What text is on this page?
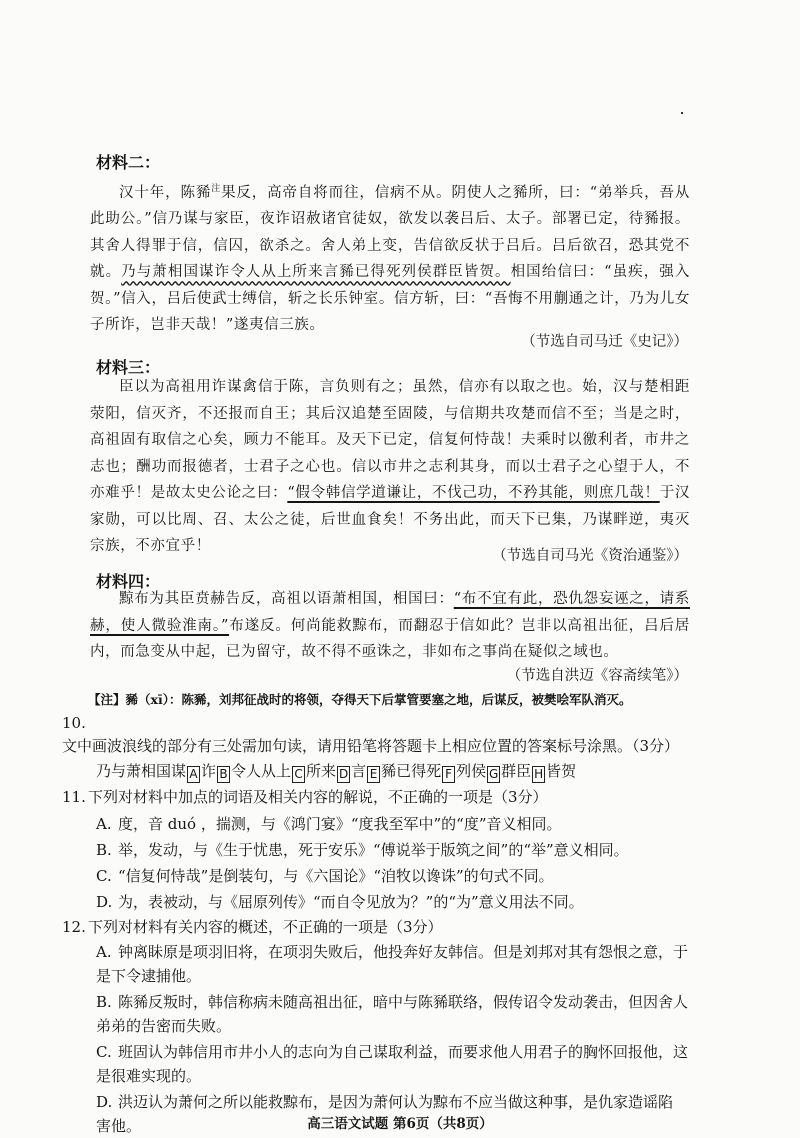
材料二：

汉十年，陈豨$^注$果反，高帝自将而往，信病不从。阴使人之豨所，曰：“弟举兵，吾从此助公。”信乃谋与家臣，夜诈诏赦诸官徒奴，欲发以袭吕后、太子。部署已定，待豨报。其舍人得罪于信，信囚，欲杀之。舍人弟上变，告信欲反状于吕后。吕后欲召，恐其党不就。乃与萧相国谋诈令人从上所来言豨已得死列侯群臣皆贺。相国绐信曰：“虽疾，强入贺。”信入，吕后使武士缚信，斩之长乐钟室。信方斩，曰：“吾悔不用蒯通之计，乃为儿女子所诈，岂非天哉！”遂夷信三族。

（节选自司马迁《史记》）
材料三：

臣以为高祖用诈谋禽信于陈，言负则有之；虽然，信亦有以取之也。始，汉与楚相距荥阳，信灭齐，不还报而自王；其后汉追楚至固陵，与信期共攻楚而信不至；当是之时，高祖固有取信之心矣，顾力不能耳。及天下已定，信复何恃哉！夫乘时以徼利者，市井之志也；酬功而报德者，士君子之心也。信以市井之志利其身，而以士君子之心望于人，不亦难乎！是故太史公论之曰：“假令韩信学道谦让，不伐己功，不矜其能，则庶几哉！于汉家勋，可以比周、召、太公之徒，后世血食矣！不务出此，而天下已集，乃谋畔逆，夷灭宗族，不亦宜乎！

（节选自司马光《资治通鉴》）
材料四：

黥布为其臣贲赫告反，高祖以语萧相国，相国曰：“布不宜有此，恐仇怨妄诬之，请系赫，使人微验淮南。”布遂反。何尚能救黥布，而翻忍于信如此？岂非以高祖出征，吕后居内，而急变从中起，已为留守，故不得不亟诛之，非如布之事尚在疑似之域也。

（节选自洪迈《容斋续笔》）
【注】豨（xī）：陈豨，刘邦征战时的将领，夺得天下后掌管要塞之地，后谋反，被樊哙军队消灭。

10.文中画波浪线的部分有三处需加句读，请用铅笔将答题卡上相应位置的答案标号涂黑。（3分）

乃与萧相国谋 A 诈 B 令人从上 C 所来 D 言 E 豨已得死 F 列侯 G 群臣 H 皆贺

11. 下列对材料中加点的词语及相关内容的解说，不正确的一项是（3分）

A. 度，音 duó ，揣测，与《鸿门宴》“度我至军中”的“度”音义相同。

B. 举，发动，与《生于忧患，死于安乐》“傅说举于版筑之间”的“举”意义相同。

C. “信复何恃哉”是倒装句，与《六国论》“洎牧以谗诛”的句式不同。

D. 为，表被动，与《屈原列传》“而自令见放为？”的“为”意义用法不同。

12. 下列对材料有关内容的概述，不正确的一项是（3分）

A. 钟离眛原是项羽旧将，在项羽失败后，他投奔好友韩信。但是刘邦对其有怨恨之意，于是下令逮捕他。

B. 陈豨反叛时，韩信称病未随高祖出征，暗中与陈豨联络，假传诏令发动袭击，但因舍人弟弟的告密而失败。

C. 班固认为韩信用市井小人的志向为自己谋取利益，而要求他人用君子的胸怀回报他，这是很难实现的。

D. 洪迈认为萧何之所以能救黥布，是因为萧何认为黥布不应当做这种事，是仇家造谣陷害他。	高三语文试题 第6页（共8页）
